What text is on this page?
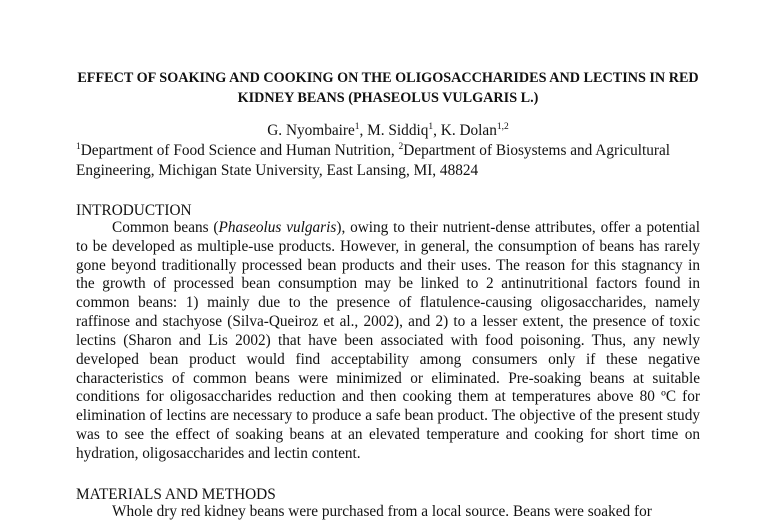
EFFECT OF SOAKING AND COOKING ON THE OLIGOSACCHARIDES AND LECTINS IN RED KIDNEY BEANS (PHASEOLUS VULGARIS L.)

G. Nyombaire$^1$, M. Siddiq$^1$, K. Dolan$^{1,2}$

$^1$Department of Food Science and Human Nutrition, $^2$Department of Biosystems and Agricultural Engineering, Michigan State University, East Lansing, MI, 48824

INTRODUCTION

Common beans (Phaseolus vulgaris), owing to their nutrient-dense attributes, offer a potential to be developed as multiple-use products. However, in general, the consumption of beans has rarely gone beyond traditionally processed bean products and their uses. The reason for this stagnancy in the growth of processed bean consumption may be linked to 2 antinutritional factors found in common beans: 1) mainly due to the presence of flatulence-causing oligosaccharides, namely raffinose and stachyose (Silva-Queiroz et al., 2002), and 2) to a lesser extent, the presence of toxic lectins (Sharon and Lis 2002) that have been associated with food poisoning. Thus, any newly developed bean product would find acceptability among consumers only if these negative characteristics of common beans were minimized or eliminated. Pre-soaking beans at suitable conditions for oligosaccharides reduction and then cooking them at temperatures above 80 ºC for elimination of lectins are necessary to produce a safe bean product. The objective of the present study was to see the effect of soaking beans at an elevated temperature and cooking for short time on hydration, oligosaccharides and lectin content.

MATERIALS AND METHODS

Whole dry red kidney beans were purchased from a local source. Beans were soaked for
